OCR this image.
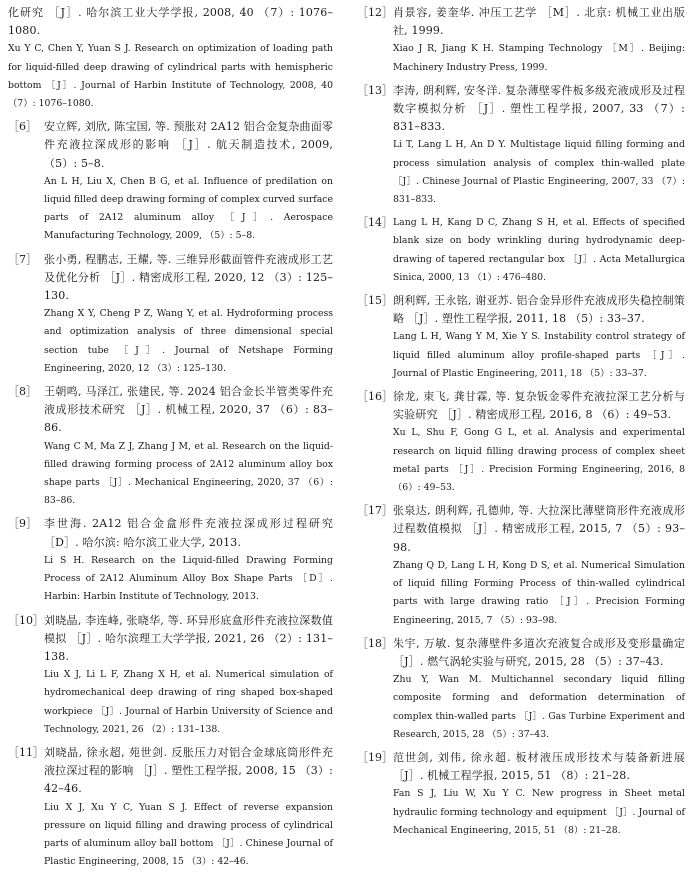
化研究 ［J］. 哈尔滨工业大学学报, 2008, 40 （7）: 1076–1080.
Xu Y C, Chen Y, Yuan S J. Research on optimization of loading path for liquid-filled deep drawing of cylindrical parts with hemispheric bottom ［J］. Journal of Harbin Institute of Technology, 2008, 40 （7）: 1076–1080.
［6］ 安立辉, 刘欣, 陈宝国, 等. 预胀对 2A12 铝合金复杂曲面零件充液拉深成形的影响 ［J］. 航天制造技术, 2009, （5）: 5–8.
An L H, Liu X, Chen B G, et al. Influence of predilation on liquid filled deep drawing forming of complex curved surface parts of 2A12 aluminum alloy ［J］. Aerospace Manufacturing Technology, 2009, （5）: 5–8.
［7］ 张小勇, 程鹏志, 王耀, 等. 三维异形截面管件充液成形工艺及优化分析 ［J］. 精密成形工程, 2020, 12 （3）: 125–130.
Zhang X Y, Cheng P Z, Wang Y, et al. Hydroforming process and optimization analysis of three dimensional special section tube ［J］. Journal of Netshape Forming Engineering, 2020, 12 （3）: 125–130.
［8］ 王朝鸣, 马泽江, 张建民, 等. 2024 铝合金长半管类零件充液成形技术研究 ［J］. 机械工程, 2020, 37 （6）: 83–86.
Wang C M, Ma Z J, Zhang J M, et al. Research on the liquid-filled drawing forming process of 2A12 aluminum alloy box shape parts ［J］. Mechanical Engineering, 2020, 37 （6）: 83–86.
［9］ 李世海. 2A12 铝合金盒形件充液拉深成形过程研究 ［D］. 哈尔滨: 哈尔滨工业大学, 2013.
Li S H. Research on the Liquid-filled Drawing Forming Process of 2A12 Aluminum Alloy Box Shape Parts ［D］. Harbin: Harbin Institute of Technology, 2013.
［10］ 刘晓晶, 李连峰, 张晓华, 等. 环异形底盒形件充液拉深数值模拟 ［J］. 哈尔滨理工大学学报, 2021, 26 （2）: 131–138.
Liu X J, Li L F, Zhang X H, et al. Numerical simulation of hydromechanical deep drawing of ring shaped box-shaped workpiece ［J］. Journal of Harbin University of Science and Technology, 2021, 26 （2）: 131–138.
［11］ 刘晓晶, 徐永超, 苑世剑. 反胀压力对铝合金球底筒形件充液拉深过程的影响 ［J］. 塑性工程学报, 2008, 15 （3）: 42–46.
Liu X J, Xu Y C, Yuan S J. Effect of reverse expansion pressure on liquid filling and drawing process of cylindrical parts of aluminum alloy ball bottom ［J］. Chinese Journal of Plastic Engineering, 2008, 15 （3）: 42–46.
［12］ 肖景容, 姜奎华. 冲压工艺学 ［M］. 北京: 机械工业出版社, 1999.
Xiao J R, Jiang K H. Stamping Technology ［M］. Beijing: Machinery Industry Press, 1999.
［13］ 李涛, 朗利辉, 安冬洋. 复杂薄壁零件板多级充液成形及过程数字模拟分析 ［J］. 塑性工程学报, 2007, 33 （7）: 831–833.
Li T, Lang L H, An D Y. Multistage liquid filling forming and process simulation analysis of complex thin-walled plate ［J］. Chinese Journal of Plastic Engineering, 2007, 33 （7）: 831–833.
［14］ Lang L H, Kang D C, Zhang S H, et al. Effects of specified blank size on body wrinkling during hydrodynamic deep-drawing of tapered rectangular box ［J］. Acta Metallurgica Sinica, 2000, 13 （1）: 476–480.
［15］ 朗利辉, 王永铭, 谢亚苏. 铝合金异形件充液成形失稳控制策略 ［J］. 塑性工程学报, 2011, 18 （5）: 33–37.
Lang L H, Wang Y M, Xie Y S. Instability control strategy of liquid filled aluminum alloy profile-shaped parts ［J］. Journal of Plastic Engineering, 2011, 18 （5）: 33–37.
［16］ 徐龙, 束飞, 龚甘霖, 等. 复杂钣金零件充液拉深工艺分析与实验研究 ［J］. 精密成形工程, 2016, 8 （6）: 49–53.
Xu L, Shu F, Gong G L, et al. Analysis and experimental research on liquid filling drawing process of complex sheet metal parts ［J］. Precision Forming Engineering, 2016, 8 （6）: 49–53.
［17］ 张泉达, 朗利辉, 孔德帅, 等. 大拉深比薄壁筒形件充液成形过程数值模拟 ［J］. 精密成形工程, 2015, 7 （5）: 93–98.
Zhang Q D, Lang L H, Kong D S, et al. Numerical Simulation of liquid filling Forming Process of thin-walled cylindrical parts with large drawing ratio ［J］. Precision Forming Engineering, 2015, 7 （5）: 93–98.
［18］ 朱宇, 万敏. 复杂薄壁件多道次充液复合成形及变形量确定 ［J］. 燃气涡轮实验与研究, 2015, 28 （5）: 37–43.
Zhu Y, Wan M. Multichannel secondary liquid filling composite forming and deformation determination of complex thin-walled parts ［J］. Gas Turbine Experiment and Research, 2015, 28 （5）: 37–43.
［19］ 范世剑, 刘伟, 徐永超. 板材液压成形技术与装备新进展 ［J］. 机械工程学报, 2015, 51 （8）: 21–28.
Fan S J, Liu W, Xu Y C. New progress in Sheet metal hydraulic forming technology and equipment ［J］. Journal of Mechanical Engineering, 2015, 51 （8）: 21–28.
